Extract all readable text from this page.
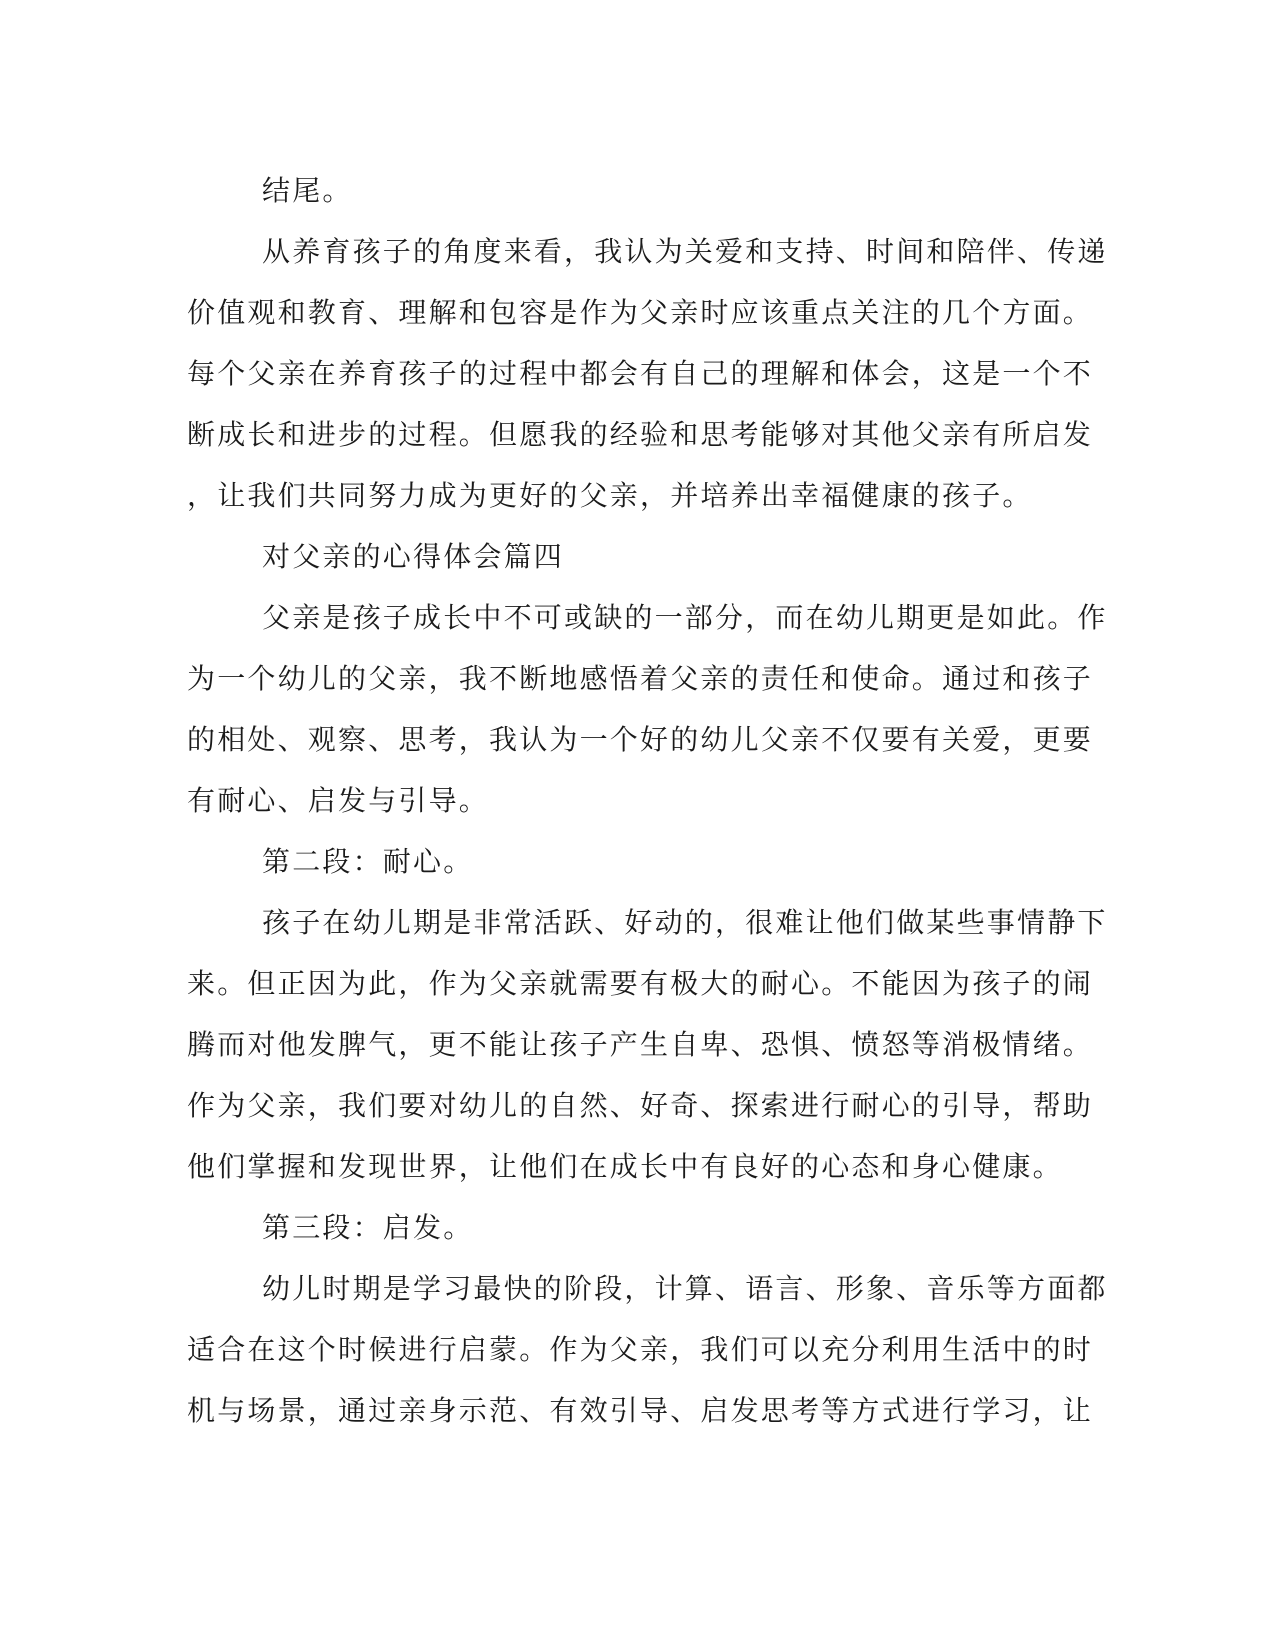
结尾。
从养育孩子的角度来看，我认为关爱和支持、时间和陪伴、传递
价值观和教育、理解和包容是作为父亲时应该重点关注的几个方面。
每个父亲在养育孩子的过程中都会有自己的理解和体会，这是一个不
断成长和进步的过程。但愿我的经验和思考能够对其他父亲有所启发
，让我们共同努力成为更好的父亲，并培养出幸福健康的孩子。
对父亲的心得体会篇四
父亲是孩子成长中不可或缺的一部分，而在幼儿期更是如此。作
为一个幼儿的父亲，我不断地感悟着父亲的责任和使命。通过和孩子
的相处、观察、思考，我认为一个好的幼儿父亲不仅要有关爱，更要
有耐心、启发与引导。
第二段：耐心。
孩子在幼儿期是非常活跃、好动的，很难让他们做某些事情静下
来。但正因为此，作为父亲就需要有极大的耐心。不能因为孩子的闹
腾而对他发脾气，更不能让孩子产生自卑、恐惧、愤怒等消极情绪。
作为父亲，我们要对幼儿的自然、好奇、探索进行耐心的引导，帮助
他们掌握和发现世界，让他们在成长中有良好的心态和身心健康。
第三段：启发。
幼儿时期是学习最快的阶段，计算、语言、形象、音乐等方面都
适合在这个时候进行启蒙。作为父亲，我们可以充分利用生活中的时
机与场景，通过亲身示范、有效引导、启发思考等方式进行学习，让
